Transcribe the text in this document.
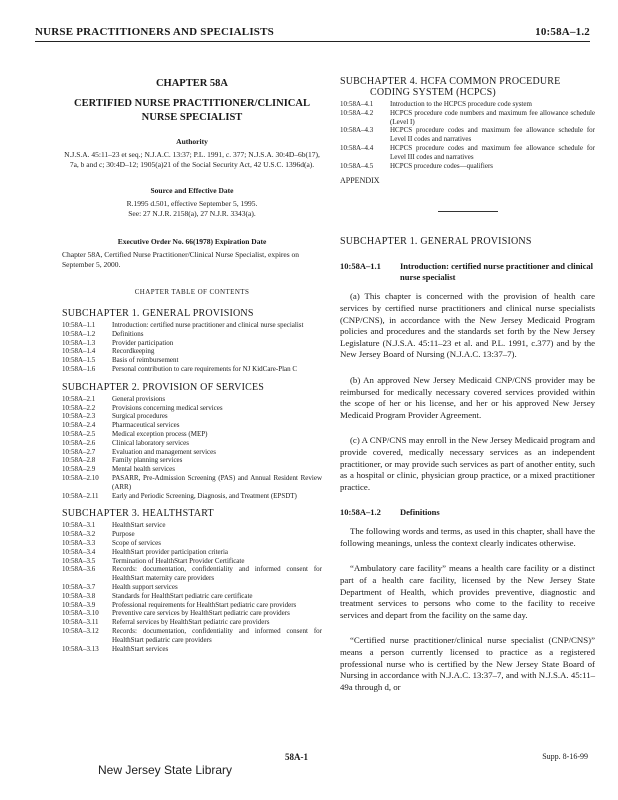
NURSE PRACTITIONERS AND SPECIALISTS	10:58A–1.2
CHAPTER 58A
CERTIFIED NURSE PRACTITIONER/CLINICAL
NURSE SPECIALIST
Authority
N.J.S.A. 45:11–23 et seq.; N.J.A.C. 13:37; P.L. 1991, c. 377; N.J.S.A. 30:4D–6b(17), 7a, b and c; 30:4D–12; 1905(a)21 of the Social Security Act, 42 U.S.C. 1396d(a).
Source and Effective Date
R.1995 d.501, effective September 5, 1995.
See: 27 N.J.R. 2158(a), 27 N.J.R. 3343(a).
Executive Order No. 66(1978) Expiration Date
Chapter 58A, Certified Nurse Practitioner/Clinical Nurse Specialist, expires on September 5, 2000.
CHAPTER TABLE OF CONTENTS
SUBCHAPTER 1. GENERAL PROVISIONS
10:58A–1.1	Introduction: certified nurse practitioner and clinical nurse specialist
10:58A–1.2	Definitions
10:58A–1.3	Provider participation
10:58A–1.4	Recordkeeping
10:58A–1.5	Basis of reimbursement
10:58A–1.6	Personal contribution to care requirements for NJ KidCare-Plan C
SUBCHAPTER 2. PROVISION OF SERVICES
10:58A–2.1	General provisions
10:58A–2.2	Provisions concerning medical services
10:58A–2.3	Surgical procedures
10:58A–2.4	Pharmaceutical services
10:58A–2.5	Medical exception process (MEP)
10:58A–2.6	Clinical laboratory services
10:58A–2.7	Evaluation and management services
10:58A–2.8	Family planning services
10:58A–2.9	Mental health services
10:58A–2.10	PASARR, Pre-Admission Screening (PAS) and Annual Resident Review (ARR)
10:58A–2.11	Early and Periodic Screening, Diagnosis, and Treatment (EPSDT)
SUBCHAPTER 3. HEALTHSTART
10:58A–3.1	HealthStart service
10:58A–3.2	Purpose
10:58A–3.3	Scope of services
10:58A–3.4	HealthStart provider participation criteria
10:58A–3.5	Termination of HealthStart Provider Certificate
10:58A–3.6	Records: documentation, confidentiality and informed consent for HealthStart maternity care providers
10:58A–3.7	Health support services
10:58A–3.8	Standards for HealthStart pediatric care certificate
10:58A–3.9	Professional requirements for HealthStart pediatric care providers
10:58A–3.10	Preventive care services by HealthStart pediatric care providers
10:58A–3.11	Referral services by HealthStart pediatric care providers
10:58A–3.12	Records: documentation, confidentiality and informed consent for HealthStart pediatric care providers
10:58A–3.13	HealthStart services
SUBCHAPTER 4. HCFA COMMON PROCEDURE
CODING SYSTEM (HCPCS)
10:58A–4.1	Introduction to the HCPCS procedure code system
10:58A–4.2	HCPCS procedure code numbers and maximum fee allowance schedule (Level I)
10:58A–4.3	HCPCS procedure codes and maximum fee allowance schedule for Level II codes and narratives
10:58A–4.4	HCPCS procedure codes and maximum fee allowance schedule for Level III codes and narratives
10:58A–4.5	HCPCS procedure codes—qualifiers
APPENDIX
SUBCHAPTER 1. GENERAL PROVISIONS
10:58A–1.1	Introduction: certified nurse practitioner and clinical nurse specialist
(a) This chapter is concerned with the provision of health care services by certified nurse practitioners and clinical nurse specialists (CNP/CNS), in accordance with the New Jersey Medicaid Program policies and procedures and the standards set forth by the New Jersey Legislature (N.J.S.A. 45:11–23 et al. and P.L. 1991, c.377) and by the New Jersey Board of Nursing (N.J.A.C. 13:37–7).
(b) An approved New Jersey Medicaid CNP/CNS provider may be reimbursed for medically necessary covered services provided within the scope of her or his license, and her or his approved New Jersey Medicaid Program Provider Agreement.
(c) A CNP/CNS may enroll in the New Jersey Medicaid program and provide covered, medically necessary services as an independent practitioner, or may provide such services as part of another entity, such as a hospital or clinic, physician group practice, or a mixed practitioner practice.
10:58A–1.2	Definitions
The following words and terms, as used in this chapter, shall have the following meanings, unless the context clearly indicates otherwise.
“Ambulatory care facility” means a health care facility or a distinct part of a health care facility, licensed by the New Jersey State Department of Health, which provides preventive, diagnostic and treatment services to persons who come to the facility to receive services and depart from the facility on the same day.
“Certified nurse practitioner/clinical nurse specialist (CNP/CNS)” means a person currently licensed to practice as a registered professional nurse who is certified by the New Jersey State Board of Nursing in accordance with N.J.A.C. 13:37–7, and with N.J.S.A. 45:11–49a through d, or
58A-1	Supp. 8-16-99
New Jersey State Library
